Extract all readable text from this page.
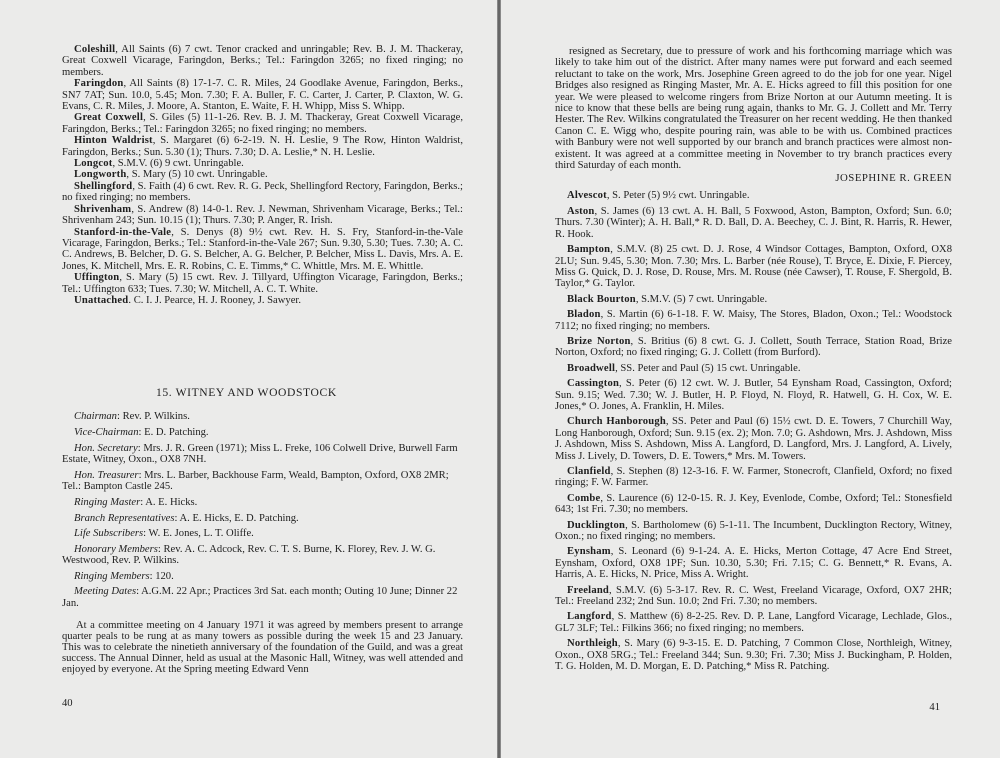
Coleshill, All Saints (6) 7 cwt. Tenor cracked and unringable; Rev. B. J. M. Thackeray, Great Coxwell Vicarage, Faringdon, Berks.; Tel.: Faringdon 3265; no fixed ringing; no members.

Faringdon, All Saints (8) 17-1-7. C. R. Miles, 24 Goodlake Avenue, Faringdon, Berks., SN7 7AT; Sun. 10.0, 5.45; Mon. 7.30; F. A. Buller, F. C. Carter, J. Carter, P. Claxton, W. G. Evans, C. R. Miles, J. Moore, A. Stanton, E. Waite, F. H. Whipp, Miss S. Whipp.

Great Coxwell, S. Giles (5) 11-1-26. Rev. B. J. M. Thackeray, Great Coxwell Vicarage, Faringdon, Berks.; Tel.: Faringdon 3265; no fixed ringing; no members.

Hinton Waldrist, S. Margaret (6) 6-2-19. N. H. Leslie, 9 The Row, Hinton Waldrist, Faringdon, Berks.; Sun. 5.30 (1); Thurs. 7.30; D. A. Leslie,* N. H. Leslie.

Longcot, S.M.V. (6) 9 cwt. Unringable.

Longworth, S. Mary (5) 10 cwt. Unringable.

Shellingford, S. Faith (4) 6 cwt. Rev. R. G. Peck, Shellingford Rectory, Faringdon, Berks.; no fixed ringing; no members.

Shrivenham, S. Andrew (8) 14-0-1. Rev. J. Newman, Shrivenham Vicarage, Berks.; Tel.: Shrivenham 243; Sun. 10.15 (1); Thurs. 7.30; P. Anger, R. Irish.

Stanford-in-the-Vale, S. Denys (8) 9½ cwt. Rev. H. S. Fry, Stanford-in-the-Vale Vicarage, Faringdon, Berks.; Tel.: Stanford-in-the-Vale 267; Sun. 9.30, 5.30; Tues. 7.30; A. C. C. Andrews, B. Belcher, D. G. S. Belcher, A. G. Belcher, P. Belcher, Miss L. Davis, Mrs. A. E. Jones, K. Mitchell, Mrs. E. R. Robins, C. E. Timms,* C. Whittle, Mrs. M. E. Whittle.

Uffington, S. Mary (5) 15 cwt. Rev. J. Tillyard, Uffington Vicarage, Faringdon, Berks.; Tel.: Uffington 633; Tues. 7.30; W. Mitchell, A. C. T. White.

Unattached. C. I. J. Pearce, H. J. Rooney, J. Sawyer.

15. WITNEY AND WOODSTOCK

Chairman: Rev. P. Wilkins.

Vice-Chairman: E. D. Patching.

Hon. Secretary: Mrs. J. R. Green (1971); Miss L. Freke, 106 Colwell Drive, Burwell Farm Estate, Witney, Oxon., OX8 7NH.

Hon. Treasurer: Mrs. L. Barber, Backhouse Farm, Weald, Bampton, Oxford, OX8 2MR; Tel.: Bampton Castle 245.

Ringing Master: A. E. Hicks.

Branch Representatives: A. E. Hicks, E. D. Patching.

Life Subscribers: W. E. Jones, L. T. Oliffe.

Honorary Members: Rev. A. C. Adcock, Rev. C. T. S. Burne, K. Florey, Rev. J. W. G. Westwood, Rev. P. Wilkins.

Ringing Members: 120.

Meeting Dates: A.G.M. 22 Apr.; Practices 3rd Sat. each month; Outing 10 June; Dinner 22 Jan.

At a committee meeting on 4 January 1971 it was agreed by members present to arrange quarter peals to be rung at as many towers as possible during the week 15 and 23 January. This was to celebrate the ninetieth anniversary of the foundation of the Guild, and was a great success. The Annual Dinner, held as usual at the Masonic Hall, Witney, was well attended and enjoyed by everyone. At the Spring meeting Edward Venn

40

resigned as Secretary, due to pressure of work and his forthcoming marriage which was likely to take him out of the district. After many names were put forward and each seemed reluctant to take on the work, Mrs. Josephine Green agreed to do the job for one year. Nigel Bridges also resigned as Ringing Master, Mr. A. E. Hicks agreed to fill this position for one year. We were pleased to welcome ringers from Brize Norton at our Autumn meeting. It is nice to know that these bells are being rung again, thanks to Mr. G. J. Collett and Mr. Terry Hester. The Rev. Wilkins congratulated the Treasurer on her recent wedding. He then thanked Canon C. E. Wigg who, despite pouring rain, was able to be with us. Combined practices with Banbury were not well supported by our branch and branch practices were almost non-existent. It was agreed at a committee meeting in November to try branch practices every third Saturday of each month.

JOSEPHINE R. GREEN

Alvescot, S. Peter (5) 9½ cwt. Unringable.

Aston, S. James (6) 13 cwt. A. H. Ball, 5 Foxwood, Aston, Bampton, Oxford; Sun. 6.0; Thurs. 7.30 (Winter); A. H. Ball,* R. D. Ball, D. A. Beechey, C. J. Bint, R. Harris, R. Hewer, R. Hook.

Bampton, S.M.V. (8) 25 cwt. D. J. Rose, 4 Windsor Cottages, Bampton, Oxford, OX8 2LU; Sun. 9.45, 5.30; Mon. 7.30; Mrs. L. Barber (née Rouse), T. Bryce, E. Dixie, F. Piercey, Miss G. Quick, D. J. Rose, D. Rouse, Mrs. M. Rouse (née Cawser), T. Rouse, F. Shergold, B. Taylor,* G. Taylor.

Black Bourton, S.M.V. (5) 7 cwt. Unringable.

Bladon, S. Martin (6) 6-1-18. F. W. Maisy, The Stores, Bladon, Oxon.; Tel.: Woodstock 7112; no fixed ringing; no members.

Brize Norton, S. Britius (6) 8 cwt. G. J. Collett, South Terrace, Station Road, Brize Norton, Oxford; no fixed ringing; G. J. Collett (from Burford).

Broadwell, SS. Peter and Paul (5) 15 cwt. Unringable.

Cassington, S. Peter (6) 12 cwt. W. J. Butler, 54 Eynsham Road, Cassington, Oxford; Sun. 9.15; Wed. 7.30; W. J. Butler, H. P. Floyd, N. Floyd, R. Hatwell, G. H. Cox, W. E. Jones,* O. Jones, A. Franklin, H. Miles.

Church Hanborough, SS. Peter and Paul (6) 15½ cwt. D. E. Towers, 7 Churchill Way, Long Hanborough, Oxford; Sun. 9.15 (ex. 2); Mon. 7.0; G. Ashdown, Mrs. J. Ashdown, Miss J. Ashdown, Miss S. Ashdown, Miss A. Langford, D. Langford, Mrs. J. Langford, A. Lively, Miss J. Lively, D. Towers, D. E. Towers,* Mrs. M. Towers.

Clanfield, S. Stephen (8) 12-3-16. F. W. Farmer, Stonecroft, Clanfield, Oxford; no fixed ringing; F. W. Farmer.

Combe, S. Laurence (6) 12-0-15. R. J. Key, Evenlode, Combe, Oxford; Tel.: Stonesfield 643; 1st Fri. 7.30; no members.

Ducklington, S. Bartholomew (6) 5-1-11. The Incumbent, Ducklington Rectory, Witney, Oxon.; no fixed ringing; no members.

Eynsham, S. Leonard (6) 9-1-24. A. E. Hicks, Merton Cottage, 47 Acre End Street, Eynsham, Oxford, OX8 1PF; Sun. 10.30, 5.30; Fri. 7.15; C. G. Bennett,* R. Evans, A. Harris, A. E. Hicks, N. Price, Miss A. Wright.

Freeland, S.M.V. (6) 5-3-17. Rev. R. C. West, Freeland Vicarage, Oxford, OX7 2HR; Tel.: Freeland 232; 2nd Sun. 10.0; 2nd Fri. 7.30; no members.

Langford, S. Matthew (6) 8-2-25. Rev. D. P. Lane, Langford Vicarage, Lechlade, Glos., GL7 3LF; Tel.: Filkins 366; no fixed ringing; no members.

Northleigh, S. Mary (6) 9-3-15. E. D. Patching, 7 Common Close, Northleigh, Witney, Oxon., OX8 5RG.; Tel.: Freeland 344; Sun. 9.30; Fri. 7.30; Miss J. Buckingham, P. Holden, T. G. Holden, M. D. Morgan, E. D. Patching,* Miss R. Patching.

41
